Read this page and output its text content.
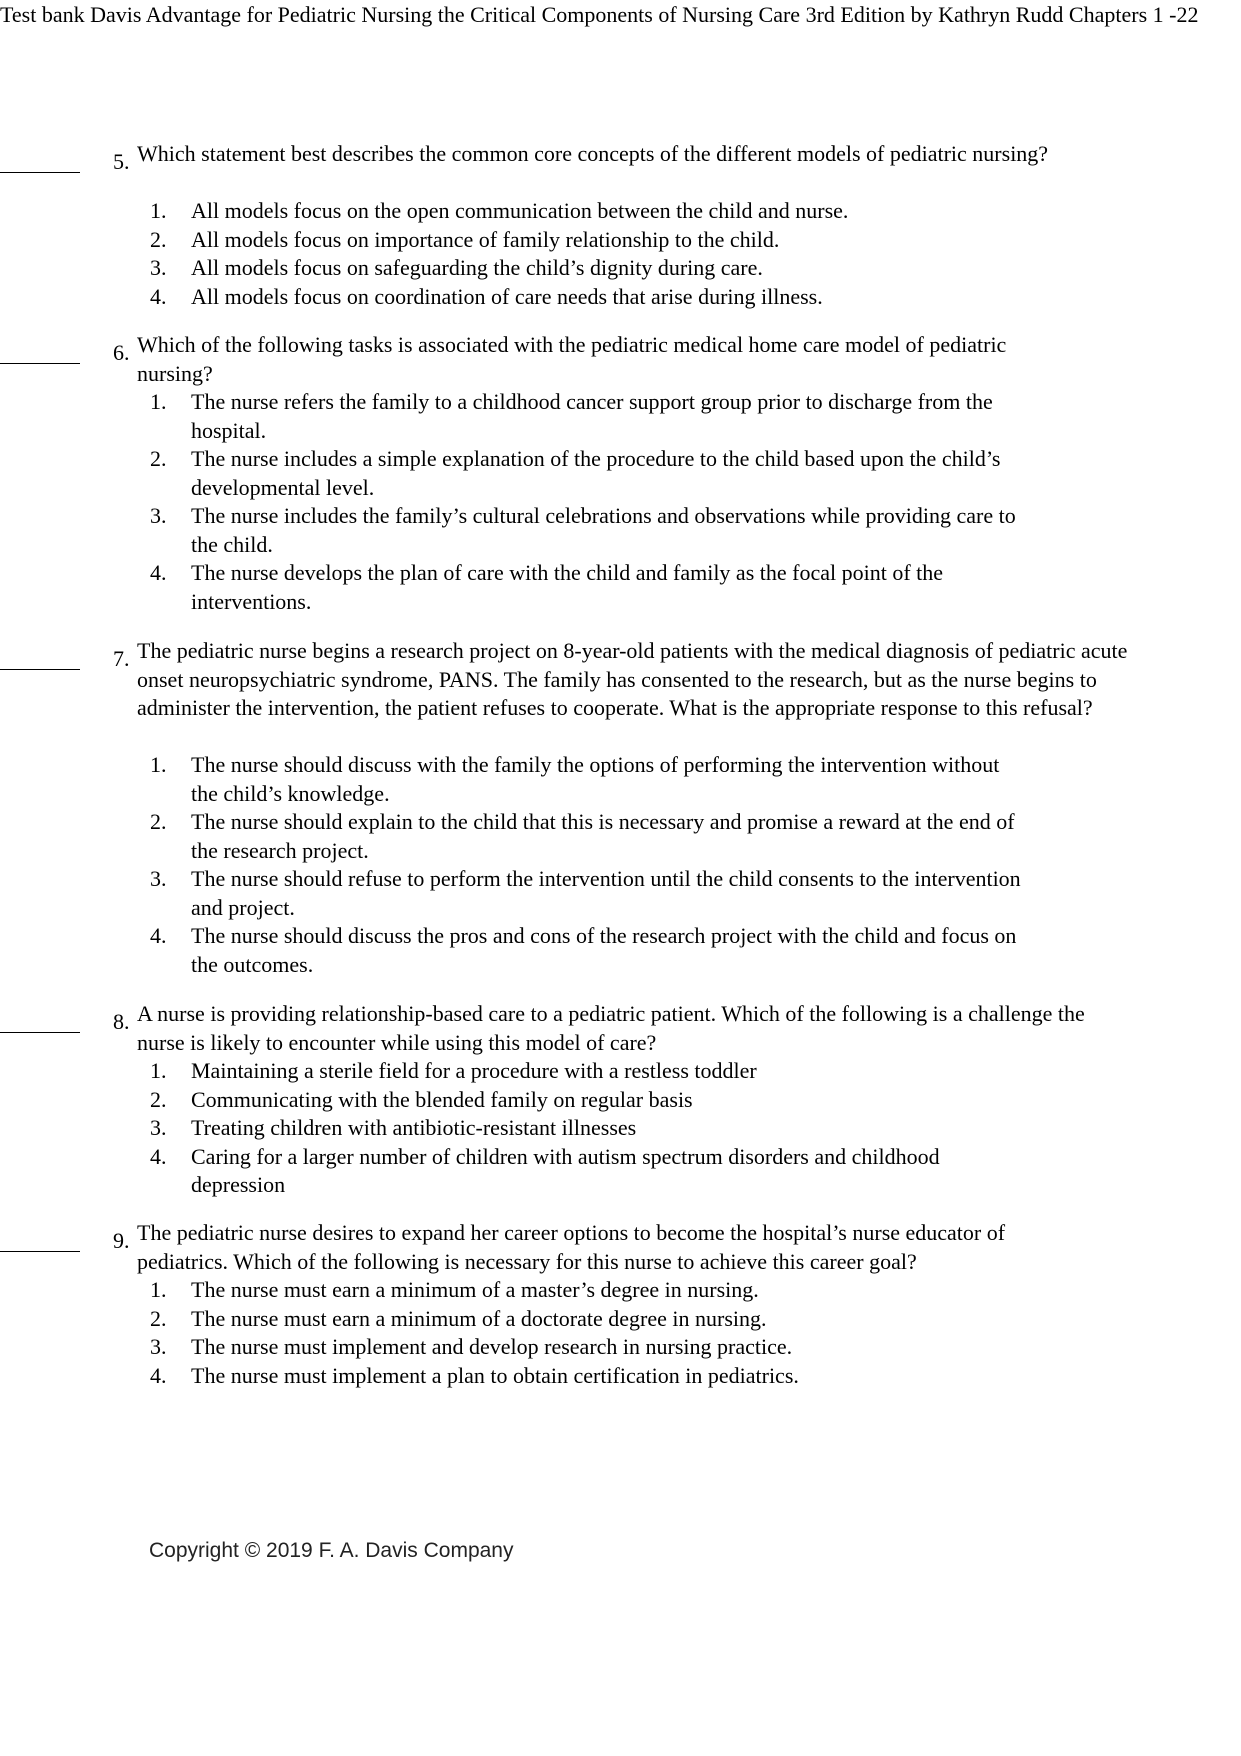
Test bank Davis Advantage for Pediatric Nursing the Critical Components of Nursing Care 3rd Edition by Kathryn Rudd Chapters 1 -22
5. Which statement best describes the common core concepts of the different models of pediatric nursing?
1.	All models focus on the open communication between the child and nurse.
2.	All models focus on importance of family relationship to the child.
3.	All models focus on safeguarding the child’s dignity during care.
4.	All models focus on coordination of care needs that arise during illness.
6. Which of the following tasks is associated with the pediatric medical home care model of pediatric nursing?
1.	The nurse refers the family to a childhood cancer support group prior to discharge from the hospital.
2.	The nurse includes a simple explanation of the procedure to the child based upon the child’s developmental level.
3.	The nurse includes the family’s cultural celebrations and observations while providing care to the child.
4.	The nurse develops the plan of care with the child and family as the focal point of the interventions.
7. The pediatric nurse begins a research project on 8-year-old patients with the medical diagnosis of pediatric acute onset neuropsychiatric syndrome, PANS. The family has consented to the research, but as the nurse begins to administer the intervention, the patient refuses to cooperate. What is the appropriate response to this refusal?
1.	The nurse should discuss with the family the options of performing the intervention without the child’s knowledge.
2.	The nurse should explain to the child that this is necessary and promise a reward at the end of the research project.
3.	The nurse should refuse to perform the intervention until the child consents to the intervention and project.
4.	The nurse should discuss the pros and cons of the research project with the child and focus on the outcomes.
8. A nurse is providing relationship-based care to a pediatric patient. Which of the following is a challenge the nurse is likely to encounter while using this model of care?
1.	Maintaining a sterile field for a procedure with a restless toddler
2.	Communicating with the blended family on regular basis
3.	Treating children with antibiotic-resistant illnesses
4.	Caring for a larger number of children with autism spectrum disorders and childhood depression
9. The pediatric nurse desires to expand her career options to become the hospital’s nurse educator of pediatrics. Which of the following is necessary for this nurse to achieve this career goal?
1.	The nurse must earn a minimum of a master’s degree in nursing.
2.	The nurse must earn a minimum of a doctorate degree in nursing.
3.	The nurse must implement and develop research in nursing practice.
4.	The nurse must implement a plan to obtain certification in pediatrics.
Copyright © 2019 F. A. Davis Company
